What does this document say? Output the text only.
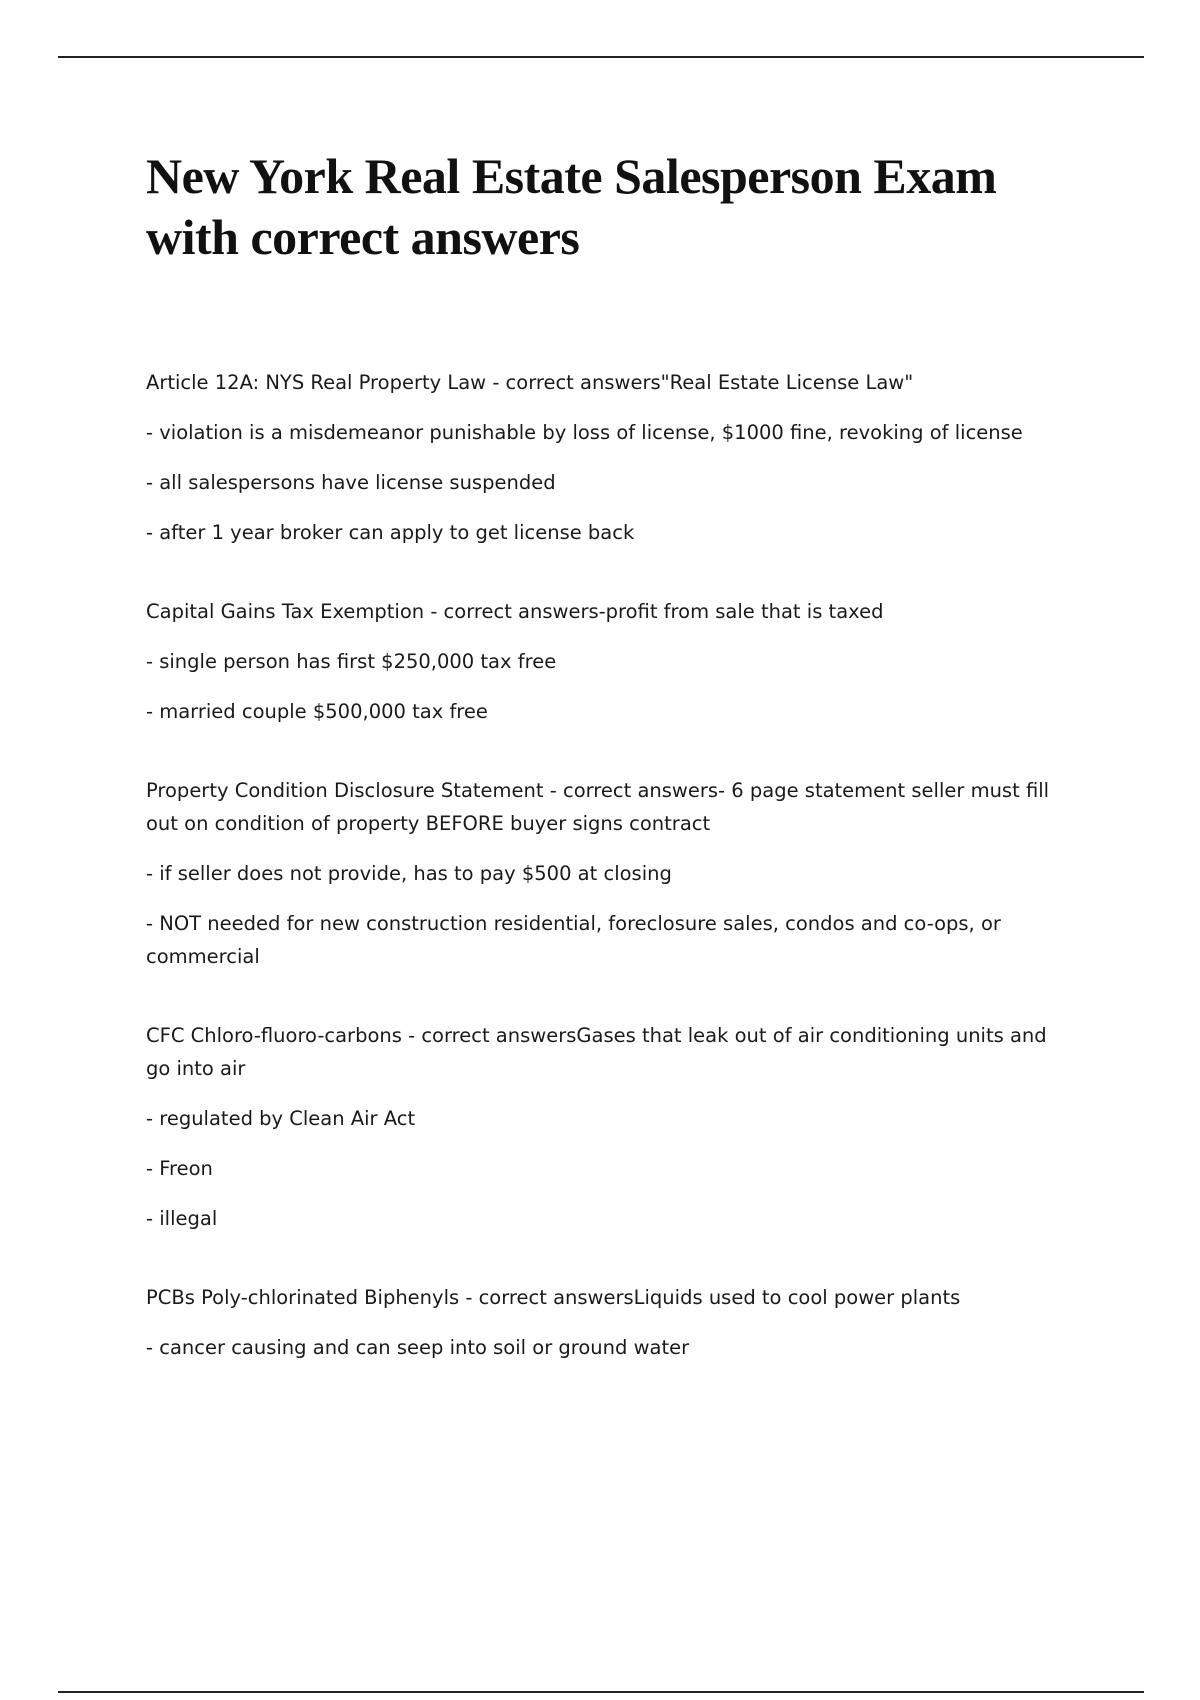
New York Real Estate Salesperson Exam with correct answers

Article 12A: NYS Real Property Law - correct answers"Real Estate License Law"

- violation is a misdemeanor punishable by loss of license, $1000 fine, revoking of license

- all salespersons have license suspended

- after 1 year broker can apply to get license back

Capital Gains Tax Exemption - correct answers-profit from sale that is taxed

- single person has first $250,000 tax free

- married couple $500,000 tax free

Property Condition Disclosure Statement - correct answers- 6 page statement seller must fill out on condition of property BEFORE buyer signs contract

- if seller does not provide, has to pay $500 at closing

- NOT needed for new construction residential, foreclosure sales, condos and co-ops, or commercial

CFC Chloro-fluoro-carbons - correct answersGases that leak out of air conditioning units and go into air

- regulated by Clean Air Act

- Freon

- illegal

PCBs Poly-chlorinated Biphenyls - correct answersLiquids used to cool power plants

- cancer causing and can seep into soil or ground water
